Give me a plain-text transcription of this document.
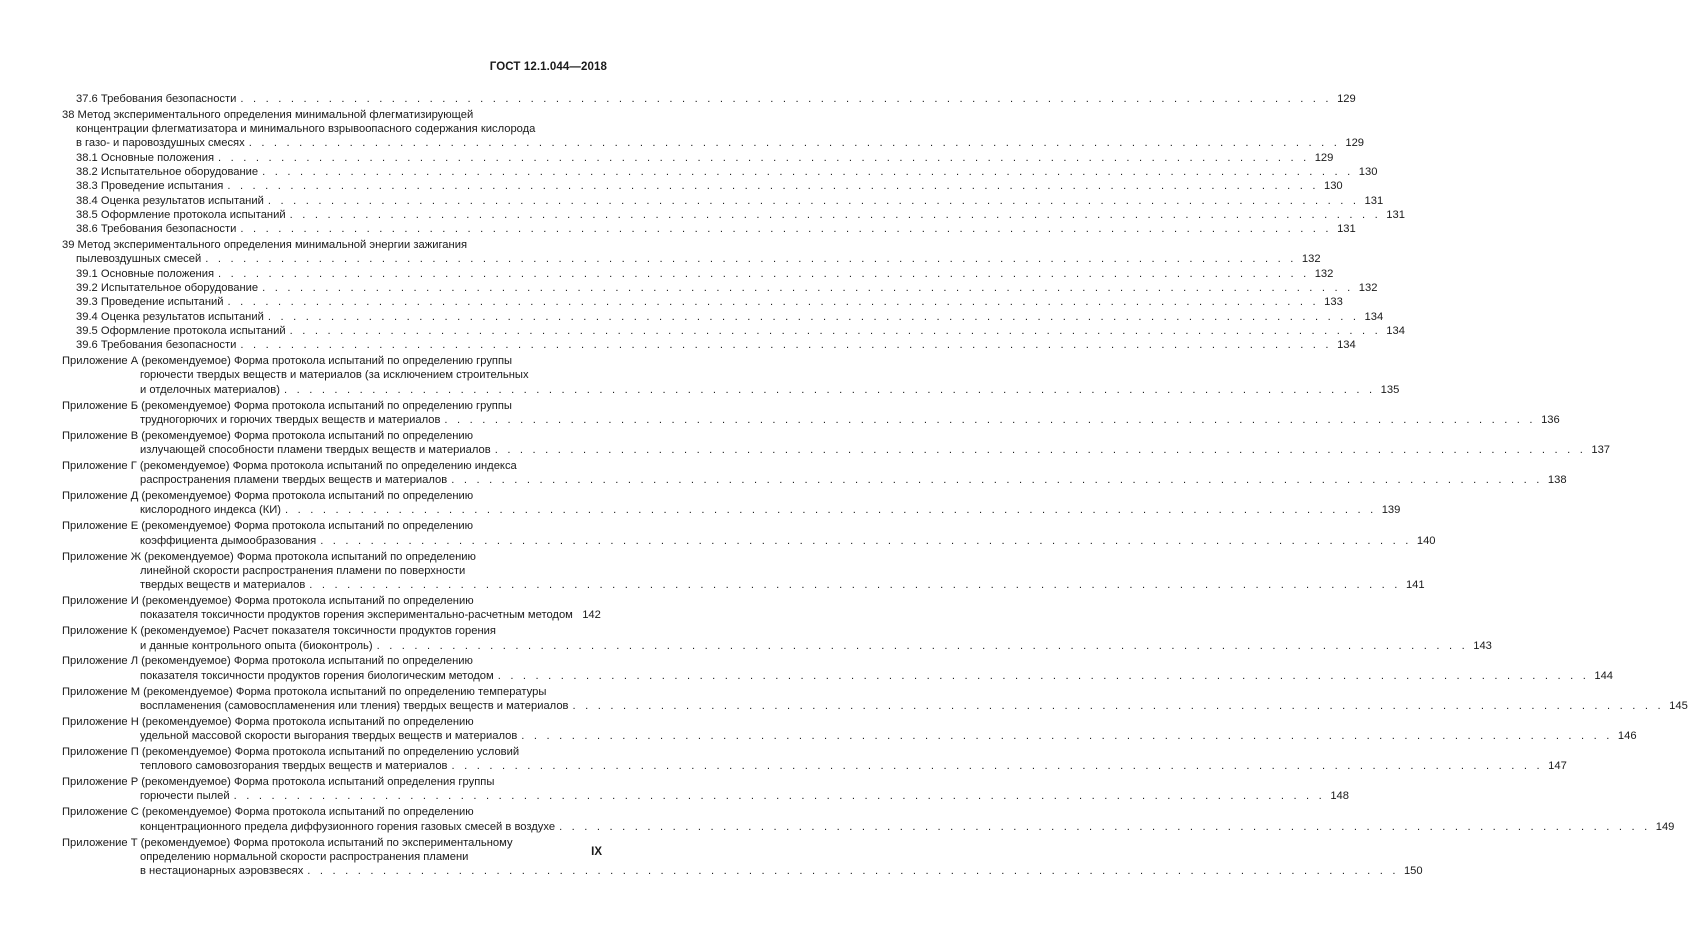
ГОСТ 12.1.044—2018
37.6 Требования безопасности . . . . . . . . . . . . . . . . . . . . . . . . . . . . . . . . . . . . . . . . . . . . . . . . . . . . . . . . . . . . . . . . . . . . . . . . . . . . . . . . . . . . . . . 129
38 Метод экспериментального определения минимальной флегматизирующей
концентрации флегматизатора и минимального взрывоопасного содержания кислорода
в газо- и паровоздушных смесях . . . . . . . . . . . . . . . . . . . . . . . . . . . . . . . . . . . . . . . . . . . . . . . . . . . . . . . . . . . . . . . . . . . . . . . . . . . . . . . . . . . . . . . 129
38.1 Основные положения . . . . . . . . . . . . . . . . . . . . . . . . . . . . . . . . . . . . . . . . . . . . . . . . . . . . . . . . . . . . . . . . . . . . . . . . . . . . . . . . . . . . . . . 129
38.2 Испытательное оборудование . . . . . . . . . . . . . . . . . . . . . . . . . . . . . . . . . . . . . . . . . . . . . . . . . . . . . . . . . . . . . . . . . . . . . . . . . . . . . . . . . . . . . . . 130
38.3 Проведение испытания . . . . . . . . . . . . . . . . . . . . . . . . . . . . . . . . . . . . . . . . . . . . . . . . . . . . . . . . . . . . . . . . . . . . . . . . . . . . . . . . . . . . . . . 130
38.4 Оценка результатов испытаний . . . . . . . . . . . . . . . . . . . . . . . . . . . . . . . . . . . . . . . . . . . . . . . . . . . . . . . . . . . . . . . . . . . . . . . . . . . . . . . . . . . . . . . 131
38.5 Оформление протокола испытаний . . . . . . . . . . . . . . . . . . . . . . . . . . . . . . . . . . . . . . . . . . . . . . . . . . . . . . . . . . . . . . . . . . . . . . . . . . . . . . . . . . . . . . . 131
38.6 Требования безопасности . . . . . . . . . . . . . . . . . . . . . . . . . . . . . . . . . . . . . . . . . . . . . . . . . . . . . . . . . . . . . . . . . . . . . . . . . . . . . . . . . . . . . . . 131
39 Метод экспериментального определения минимальной энергии зажигания
пылевоздушных смесей . . . . . . . . . . . . . . . . . . . . . . . . . . . . . . . . . . . . . . . . . . . . . . . . . . . . . . . . . . . . . . . . . . . . . . . . . . . . . . . . . . . . . . . 132
39.1 Основные положения . . . . . . . . . . . . . . . . . . . . . . . . . . . . . . . . . . . . . . . . . . . . . . . . . . . . . . . . . . . . . . . . . . . . . . . . . . . . . . . . . . . . . . . 132
39.2 Испытательное оборудование . . . . . . . . . . . . . . . . . . . . . . . . . . . . . . . . . . . . . . . . . . . . . . . . . . . . . . . . . . . . . . . . . . . . . . . . . . . . . . . . . . . . . . . 132
39.3 Проведение испытаний . . . . . . . . . . . . . . . . . . . . . . . . . . . . . . . . . . . . . . . . . . . . . . . . . . . . . . . . . . . . . . . . . . . . . . . . . . . . . . . . . . . . . . . 133
39.4 Оценка результатов испытаний . . . . . . . . . . . . . . . . . . . . . . . . . . . . . . . . . . . . . . . . . . . . . . . . . . . . . . . . . . . . . . . . . . . . . . . . . . . . . . . . . . . . . . . 134
39.5 Оформление протокола испытаний . . . . . . . . . . . . . . . . . . . . . . . . . . . . . . . . . . . . . . . . . . . . . . . . . . . . . . . . . . . . . . . . . . . . . . . . . . . . . . . . . . . . . . . 134
39.6 Требования безопасности . . . . . . . . . . . . . . . . . . . . . . . . . . . . . . . . . . . . . . . . . . . . . . . . . . . . . . . . . . . . . . . . . . . . . . . . . . . . . . . . . . . . . . . 134
Приложение А (рекомендуемое) Форма протокола испытаний по определению группы
горючести твердых веществ и материалов (за исключением строительных
и отделочных материалов) . . . . . . . . . . . . . . . . . . . . . . . . . . . . . . . . . . . . . . . . . . . . . . . . . . . . . . . . . . . . . . . . . . . . . . . . . . . . . . . . . . . . . . . 135
Приложение Б (рекомендуемое) Форма протокола испытаний по определению группы
трудногорючих и горючих твердых веществ и материалов . . . . . . . . . . . . . . . . . . . . . . . . . . . . . . . . . . . . . . . . . . . . . . . . . . . . . . . . . . . . . . . . . . . . . . . . . . . . . . . . . . . . . . . 136
Приложение В (рекомендуемое) Форма протокола испытаний по определению
излучающей способности пламени твердых веществ и материалов . . . . . . . . . . . . . . . . . . . . . . . . . . . . . . . . . . . . . . . . . . . . . . . . . . . . . . . . . . . . . . . . . . . . . . . . . . . . . . . . . . . . . . . 137
Приложение Г (рекомендуемое) Форма протокола испытаний по определению индекса
распространения пламени твердых веществ и материалов . . . . . . . . . . . . . . . . . . . . . . . . . . . . . . . . . . . . . . . . . . . . . . . . . . . . . . . . . . . . . . . . . . . . . . . . . . . . . . . . . . . . . . . 138
Приложение Д (рекомендуемое) Форма протокола испытаний по определению
кислородного индекса (КИ) . . . . . . . . . . . . . . . . . . . . . . . . . . . . . . . . . . . . . . . . . . . . . . . . . . . . . . . . . . . . . . . . . . . . . . . . . . . . . . . . . . . . . . . 139
Приложение Е (рекомендуемое) Форма протокола испытаний по определению
коэффициента дымообразования . . . . . . . . . . . . . . . . . . . . . . . . . . . . . . . . . . . . . . . . . . . . . . . . . . . . . . . . . . . . . . . . . . . . . . . . . . . . . . . . . . . . . . . 140
Приложение Ж (рекомендуемое) Форма протокола испытаний по определению
линейной скорости распространения пламени по поверхности
твердых веществ и материалов . . . . . . . . . . . . . . . . . . . . . . . . . . . . . . . . . . . . . . . . . . . . . . . . . . . . . . . . . . . . . . . . . . . . . . . . . . . . . . . . . . . . . . . 141
Приложение И (рекомендуемое) Форма протокола испытаний по определению
показателя токсичности продуктов горения экспериментально-расчетным методом 142
Приложение К (рекомендуемое) Расчет показателя токсичности продуктов горения
и данные контрольного опыта (биоконтроль) . . . . . . . . . . . . . . . . . . . . . . . . . . . . . . . . . . . . . . . . . . . . . . . . . . . . . . . . . . . . . . . . . . . . . . . . . . . . . . . . . . . . . . . 143
Приложение Л (рекомендуемое) Форма протокола испытаний по определению
показателя токсичности продуктов горения биологическим методом . . . . . . . . . . . . . . . . . . . . . . . . . . . . . . . . . . . . . . . . . . . . . . . . . . . . . . . . . . . . . . . . . . . . . . . . . . . . . . . . . . . . . . . 144
Приложение М (рекомендуемое) Форма протокола испытаний по определению температуры
воспламенения (самовоспламенения или тления) твердых веществ и материалов . . . . . . . . . . . . . . . . . . . . . . . . . . . . . . . . . . . . . . . . . . . . . . . . . . . . . . . . . . . . . . . . . . . . . . . . . . . . . . . . . . . . . . . 145
Приложение Н (рекомендуемое) Форма протокола испытаний по определению
удельной массовой скорости выгорания твердых веществ и материалов . . . . . . . . . . . . . . . . . . . . . . . . . . . . . . . . . . . . . . . . . . . . . . . . . . . . . . . . . . . . . . . . . . . . . . . . . . . . . . . . . . . . . . . 146
Приложение П (рекомендуемое) Форма протокола испытаний по определению условий
теплового самовозгорания твердых веществ и материалов . . . . . . . . . . . . . . . . . . . . . . . . . . . . . . . . . . . . . . . . . . . . . . . . . . . . . . . . . . . . . . . . . . . . . . . . . . . . . . . . . . . . . . . 147
Приложение Р (рекомендуемое) Форма протокола испытаний определения группы
горючести пылей . . . . . . . . . . . . . . . . . . . . . . . . . . . . . . . . . . . . . . . . . . . . . . . . . . . . . . . . . . . . . . . . . . . . . . . . . . . . . . . . . . . . . . . 148
Приложение С (рекомендуемое) Форма протокола испытаний по определению
концентрационного предела диффузионного горения газовых смесей в воздухе . . . . . . . . . . . . . . . . . . . . . . . . . . . . . . . . . . . . . . . . . . . . . . . . . . . . . . . . . . . . . . . . . . . . . . . . . . . . . . . . . . . . . . . 149
Приложение Т (рекомендуемое) Форма протокола испытаний по экспериментальному
определению нормальной скорости распространения пламени
в нестационарных аэровзвесях . . . . . . . . . . . . . . . . . . . . . . . . . . . . . . . . . . . . . . . . . . . . . . . . . . . . . . . . . . . . . . . . . . . . . . . . . . . . . . . . . . . . . . . 150
IX
